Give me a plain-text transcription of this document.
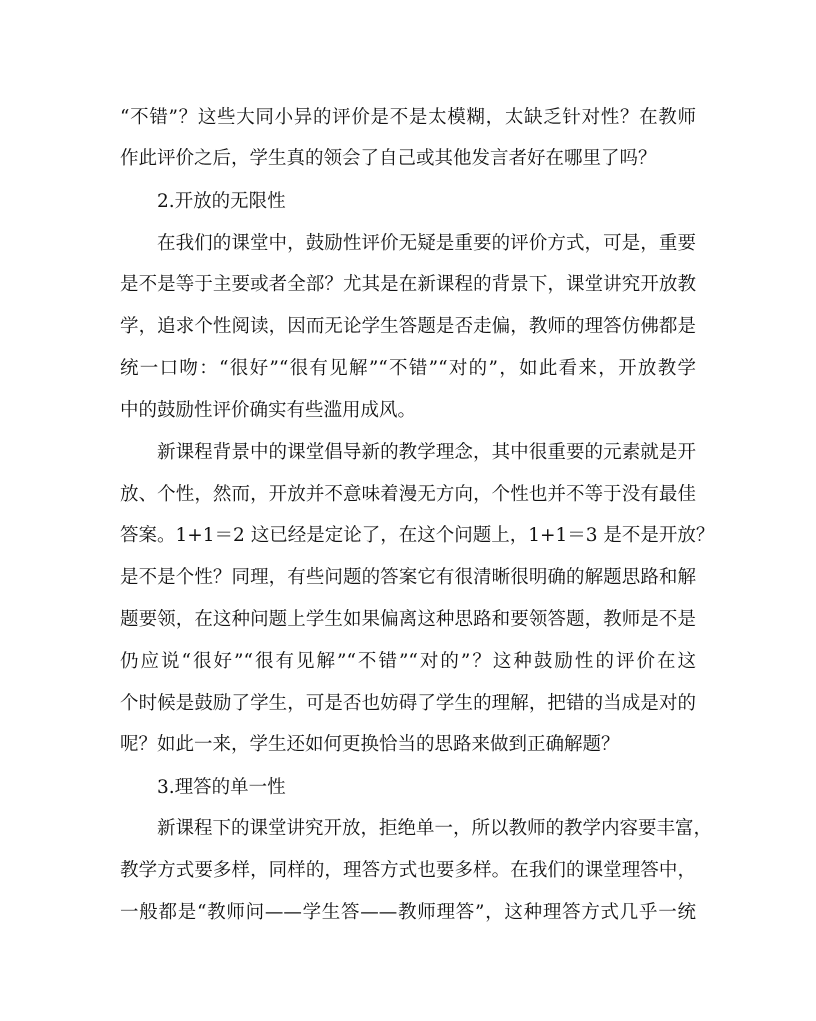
“不错”？这些大同小异的评价是不是太模糊，太缺乏针对性？在教师
作此评价之后，学生真的领会了自己或其他发言者好在哪里了吗？
2.开放的无限性
在我们的课堂中，鼓励性评价无疑是重要的评价方式，可是，重要
是不是等于主要或者全部？尤其是在新课程的背景下，课堂讲究开放教
学，追求个性阅读，因而无论学生答题是否走偏，教师的理答仿佛都是
统一口吻：“很好”“很有见解”“不错”“对的”，如此看来，开放教学
中的鼓励性评价确实有些滥用成风。
新课程背景中的课堂倡导新的教学理念，其中很重要的元素就是开
放、个性，然而，开放并不意味着漫无方向，个性也并不等于没有最佳
答案。1+1＝2 这已经是定论了，在这个问题上，1+1＝3 是不是开放？
是不是个性？同理，有些问题的答案它有很清晰很明确的解题思路和解
题要领，在这种问题上学生如果偏离这种思路和要领答题，教师是不是
仍应说“很好”“很有见解”“不错”“对的”？这种鼓励性的评价在这
个时候是鼓励了学生，可是否也妨碍了学生的理解，把错的当成是对的
呢？如此一来，学生还如何更换恰当的思路来做到正确解题？
3.理答的单一性
新课程下的课堂讲究开放，拒绝单一，所以教师的教学内容要丰富，
教学方式要多样，同样的，理答方式也要多样。在我们的课堂理答中，
一般都是“教师问——学生答——教师理答”，这种理答方式几乎一统
